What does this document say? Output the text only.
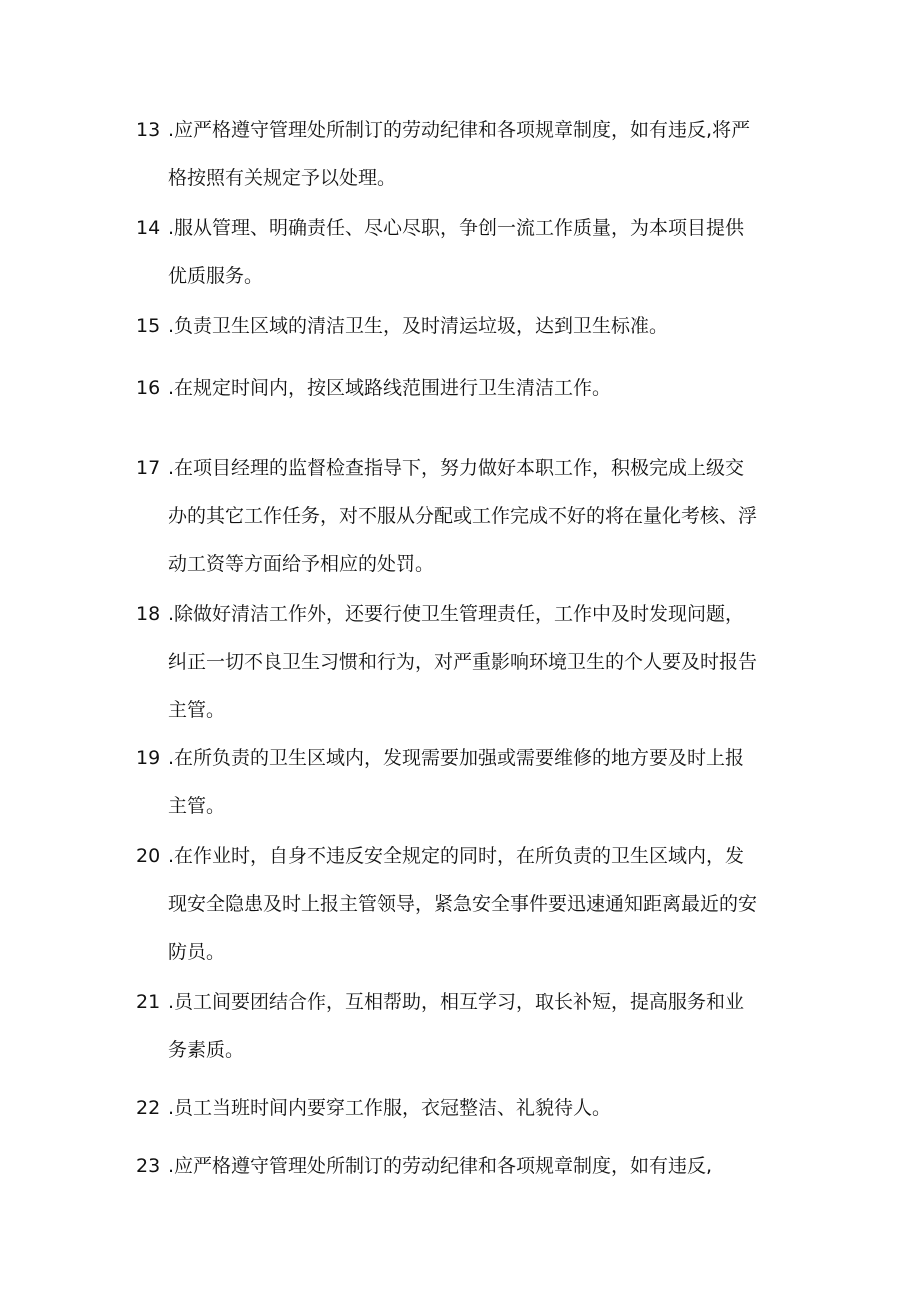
13 .应严格遵守管理处所制订的劳动纪律和各项规章制度，如有违反,将严
格按照有关规定予以处理。
14 .服从管理、明确责任、尽心尽职，争创一流工作质量，为本项目提供
优质服务。
15 .负责卫生区域的清洁卫生，及时清运垃圾，达到卫生标准。
16 .在规定时间内，按区域路线范围进行卫生清洁工作。
17 .在项目经理的监督检查指导下，努力做好本职工作，积极完成上级交
办的其它工作任务，对不服从分配或工作完成不好的将在量化考核、浮
动工资等方面给予相应的处罚。
18 .除做好清洁工作外，还要行使卫生管理责任，工作中及时发现问题，
纠正一切不良卫生习惯和行为，对严重影响环境卫生的个人要及时报告
主管。
19 .在所负责的卫生区域内，发现需要加强或需要维修的地方要及时上报
主管。
20 .在作业时，自身不违反安全规定的同时，在所负责的卫生区域内，发
现安全隐患及时上报主管领导，紧急安全事件要迅速通知距离最近的安
防员。
21 .员工间要团结合作，互相帮助，相互学习，取长补短，提高服务和业
务素质。
22 .员工当班时间内要穿工作服，衣冠整洁、礼貌待人。
23 .应严格遵守管理处所制订的劳动纪律和各项规章制度，如有违反,
